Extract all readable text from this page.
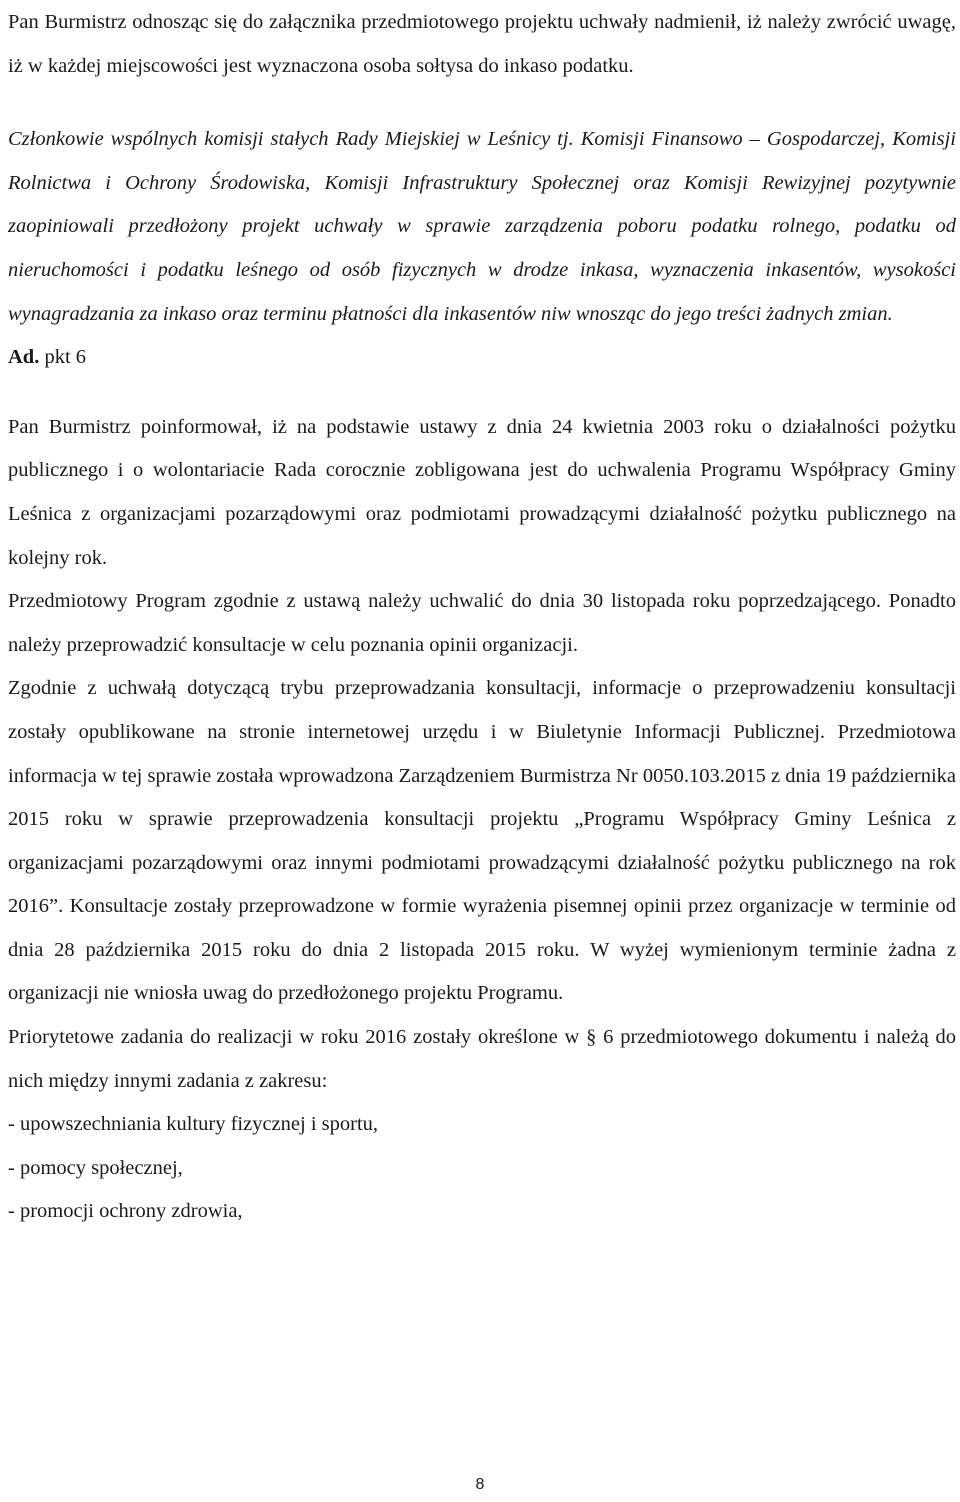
Pan Burmistrz odnosząc się do załącznika przedmiotowego projektu uchwały nadmienił, iż należy zwrócić uwagę, iż w każdej miejscowości jest wyznaczona osoba sołtysa do inkaso podatku.

Członkowie wspólnych komisji stałych Rady Miejskiej w Leśnicy tj. Komisji Finansowo – Gospodarczej, Komisji Rolnictwa i Ochrony Środowiska, Komisji Infrastruktury Społecznej oraz Komisji Rewizyjnej pozytywnie zaopiniowali przedłożony projekt uchwały w sprawie zarządzenia poboru podatku rolnego, podatku od nieruchomości i podatku leśnego od osób fizycznych w drodze inkasa, wyznaczenia inkasentów, wysokości wynagradzania za inkaso oraz terminu płatności dla inkasentów niw wnosząc do jego treści żadnych zmian.

Ad. pkt 6

Pan Burmistrz poinformował, iż na podstawie ustawy z dnia 24 kwietnia 2003 roku o działalności pożytku publicznego i o wolontariacie Rada corocznie zobligowana jest do uchwalenia Programu Współpracy Gminy Leśnica z organizacjami pozarządowymi oraz podmiotami prowadzącymi działalność pożytku publicznego na kolejny rok.

Przedmiotowy Program zgodnie z ustawą należy uchwalić do dnia 30 listopada roku poprzedzającego. Ponadto należy przeprowadzić konsultacje w celu poznania opinii organizacji.

Zgodnie z uchwałą dotyczącą trybu przeprowadzania konsultacji, informacje o przeprowadzeniu konsultacji zostały opublikowane na stronie internetowej urzędu i w Biuletynie Informacji Publicznej. Przedmiotowa informacja w tej sprawie została wprowadzona Zarządzeniem Burmistrza Nr 0050.103.2015 z dnia 19 października 2015 roku w sprawie przeprowadzenia konsultacji projektu „Programu Współpracy Gminy Leśnica z organizacjami pozarządowymi oraz innymi podmiotami prowadzącymi działalność pożytku publicznego na rok 2016”. Konsultacje zostały przeprowadzone w formie wyrażenia pisemnej opinii przez organizacje w terminie od dnia 28 października 2015 roku do dnia 2 listopada 2015 roku. W wyżej wymienionym terminie żadna z organizacji nie wniosła uwag do przedłożonego projektu Programu.

Priorytetowe zadania do realizacji w roku 2016 zostały określone w § 6 przedmiotowego dokumentu i należą do nich między innymi zadania z zakresu:

- upowszechniania kultury fizycznej i sportu,

- pomocy społecznej,

- promocji ochrony zdrowia,

8
